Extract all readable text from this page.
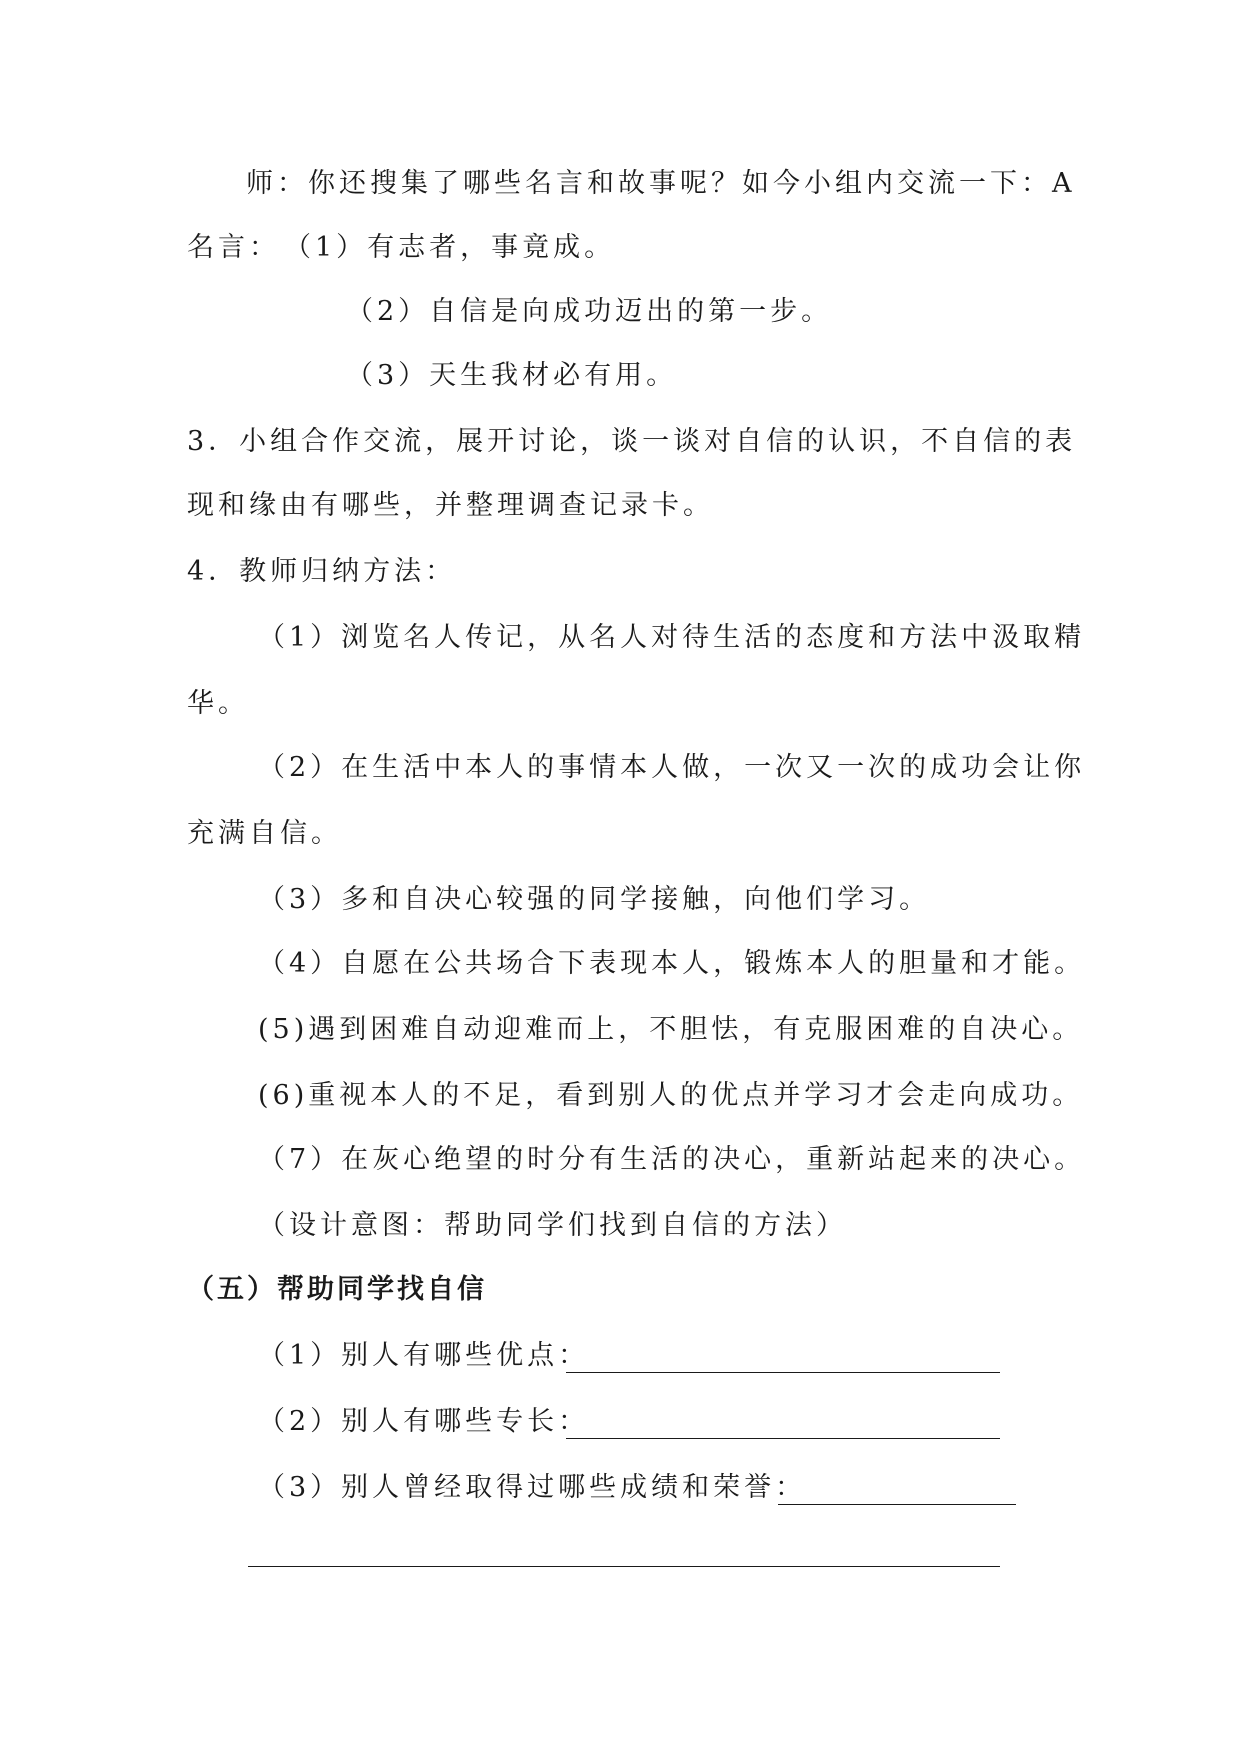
师：你还搜集了哪些名言和故事呢？如今小组内交流一下：A
名言：　（1）有志者，事竟成。
（2）自信是向成功迈出的第一步。
（3）天生我材必有用。
3．小组合作交流，展开讨论，谈一谈对自信的认识，不自信的表
现和缘由有哪些，并整理调查记录卡。
4．教师归纳方法：
（1）浏览名人传记，从名人对待生活的态度和方法中汲取精
华。
（2）在生活中本人的事情本人做，一次又一次的成功会让你
充满自信。
（3）多和自决心较强的同学接触，向他们学习。
（4）自愿在公共场合下表现本人，锻炼本人的胆量和才能。
(5)遇到困难自动迎难而上，不胆怯，有克服困难的自决心。
(6)重视本人的不足，看到别人的优点并学习才会走向成功。
（7）在灰心绝望的时分有生活的决心，重新站起来的决心。
（设计意图：帮助同学们找到自信的方法）
（五）帮助同学找自信
（1）别人有哪些优点：
（2）别人有哪些专长：
（3）别人曾经取得过哪些成绩和荣誉：
